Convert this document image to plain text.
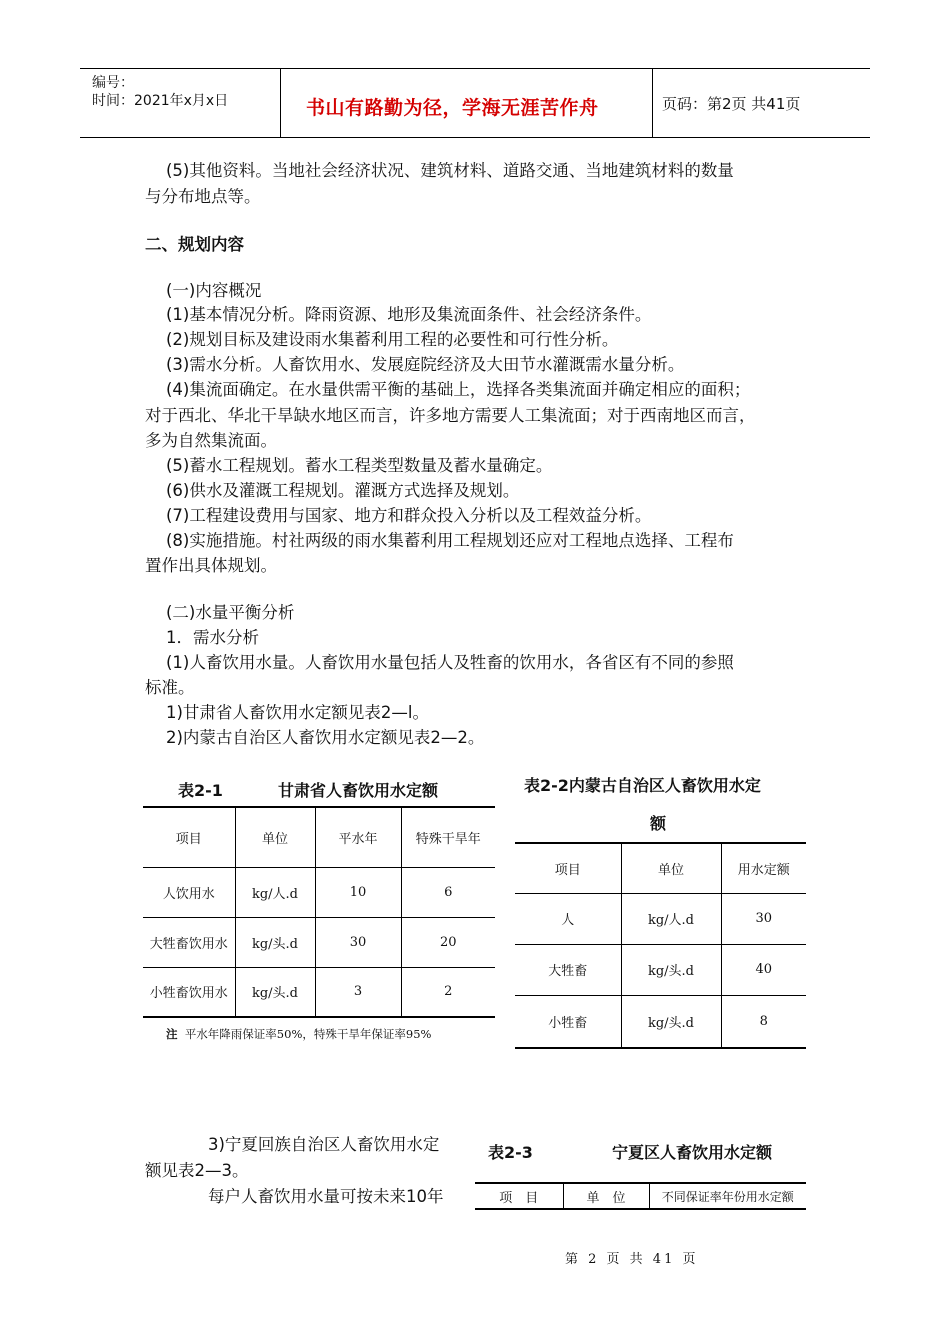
编号：
时间：2021年x月x日	书山有路勤为径，学海无涯苦作舟	页码：第2页 共41页
(5)其他资料。当地社会经济状况、建筑材料、道路交通、当地建筑材料的数量
与分布地点等。
二、规划内容
(一)内容概况
(1)基本情况分析。降雨资源、地形及集流面条件、社会经济条件。
(2)规划目标及建设雨水集蓄利用工程的必要性和可行性分析。
(3)需水分析。人畜饮用水、发展庭院经济及大田节水灌溉需水量分析。
(4)集流面确定。在水量供需平衡的基础上，选择各类集流面并确定相应的面积；
对于西北、华北干旱缺水地区而言，许多地方需要人工集流面；对于西南地区而言，
多为自然集流面。
(5)蓄水工程规划。蓄水工程类型数量及蓄水量确定。
(6)供水及灌溉工程规划。灌溉方式选择及规划。
(7)工程建设费用与国家、地方和群众投入分析以及工程效益分析。
(8)实施措施。村社两级的雨水集蓄利用工程规划还应对工程地点选择、工程布
置作出具体规划。
(二)水量平衡分析
1．需水分析
(1)人畜饮用水量。人畜饮用水量包括人及牲畜的饮用水，各省区有不同的参照
标准。
1)甘肃省人畜饮用水定额见表2—l。
2)内蒙古自治区人畜饮用水定额见表2—2。
表2-1	甘肃省人畜饮用水定额
项目	单位	平水年	特殊干旱年
人饮用水	kg/人.d	10	6
大牲畜饮用水	kg/头.d	30	20
小牲畜饮用水	kg/头.d	3	2
注 平水年降雨保证率50%，特殊干旱年保证率95%
表2-2内蒙古自治区人畜饮用水定
额
项目	单位	用水定额
人	kg/人.d	30
大牲畜	kg/头.d	40
小牲畜	kg/头.d	8
3)宁夏回族自治区人畜饮用水定
额见表2—3。
每户人畜饮用水量可按未来10年
表2-3	宁夏区人畜饮用水定额
项　目	单　位	不同保证率年份用水定额
第 2 页 共 41 页
